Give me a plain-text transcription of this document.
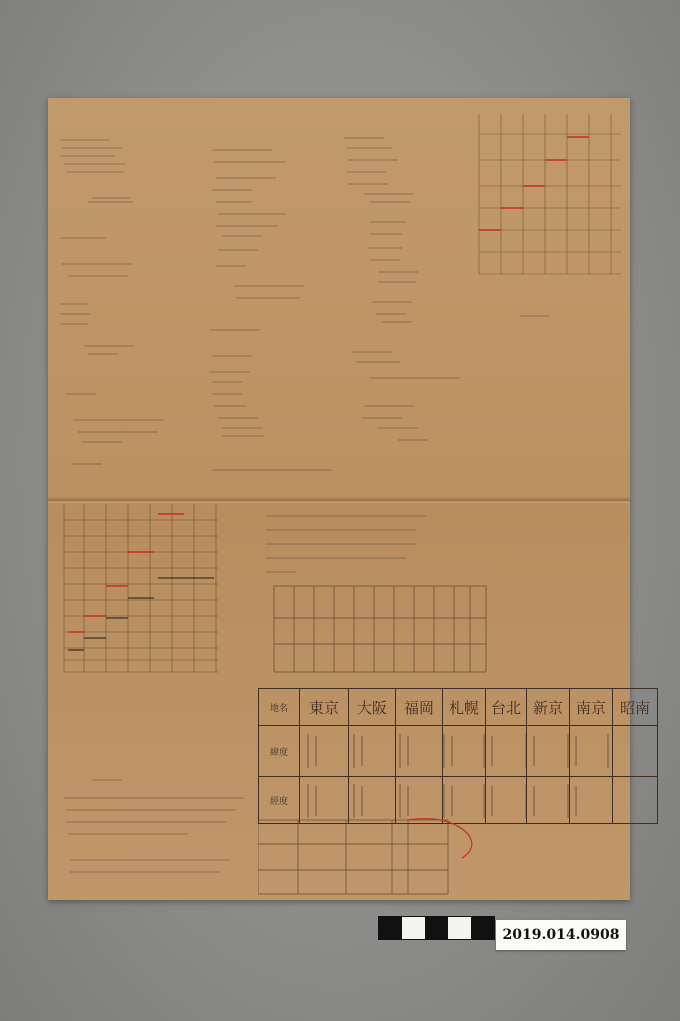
地名	東京	大阪	福岡	札幌	台北	新京	南京	昭南
緯度								
經度								
2019.014.0908
